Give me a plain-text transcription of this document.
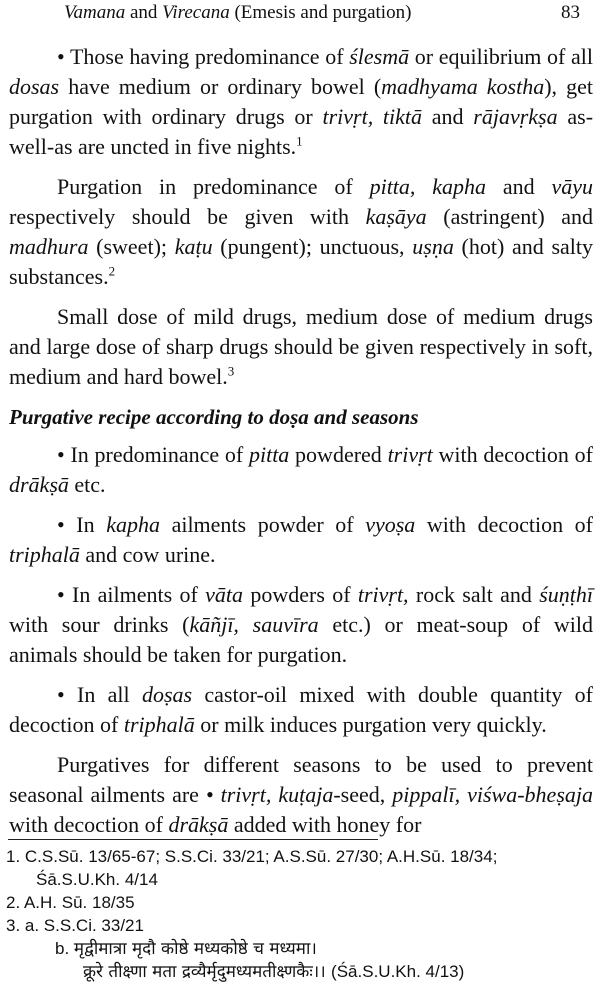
Vamana and Virecana (Emesis and purgation)	83

• Those having predominance of ślesmā or equilibrium of all dosas have medium or ordinary bowel (madhyama kostha), get purgation with ordinary drugs or trivṛt, tiktā and rājavṛkṣa as-well-as are uncted in five nights.$^1$

Purgation in predominance of pitta, kapha and vāyu respectively should be given with kaṣāya (astringent) and madhura (sweet); kaṭu (pungent); unctuous, uṣṇa (hot) and salty substances.$^2$

Small dose of mild drugs, medium dose of medium drugs and large dose of sharp drugs should be given respectively in soft, medium and hard bowel.$^3$

Purgative recipe according to doṣa and seasons

• In predominance of pitta powdered trivṛt with decoction of drākṣā etc.

• In kapha ailments powder of vyoṣa with decoction of triphalā and cow urine.

• In ailments of vāta powders of trivṛt, rock salt and śuṇṭhī with sour drinks (kāñjī, sauvīra etc.) or meat-soup of wild animals should be taken for purgation.

• In all doṣas castor-oil mixed with double quantity of decoction of triphalā or milk induces purgation very quickly.

Purgatives for different seasons to be used to prevent seasonal ailments are • trivṛt, kuṭaja-seed, pippalī, viśwa-bheṣaja with decoction of drākṣā added with honey for

1. C.S.Sū. 13/65-67; S.S.Ci. 33/21; A.S.Sū. 27/30; A.H.Sū. 18/34;

Śā.S.U.Kh. 4/14

2. A.H. Sū. 18/35

3. a. S.S.Ci. 33/21

b. मृद्वीमात्रा मृदौ कोष्ठे मध्यकोष्ठे च मध्यमा।

क्रूरे तीक्ष्णा मता द्रव्यैर्मृदुमध्यमतीक्ष्णकैः।। (Śā.S.U.Kh. 4/13)
